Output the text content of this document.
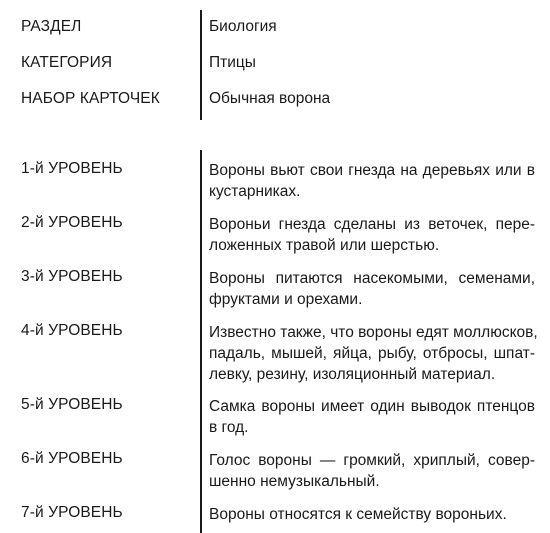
РАЗДЕЛ	Биология
КАТЕГОРИЯ	Птицы
НАБОР КАРТОЧЕК	Обычная ворона
1-й УРОВЕНЬ	Вороны вьют свои гнезда на деревьях или в
кустарниках.
2-й УРОВЕНЬ	Вороньи гнезда сделаны из веточек, пере-
ложенных травой или шерстью.
3-й УРОВЕНЬ	Вороны питаются насекомыми, семенами,
фруктами и орехами.
4-й УРОВЕНЬ	Известно также, что вороны едят моллюсков,
падаль, мышей, яйца, рыбу, отбросы, шпат-
левку, резину, изоляционный материал.
5-й УРОВЕНЬ	Самка вороны имеет один выводок птенцов
в год.
6-й УРОВЕНЬ	Голос вороны — громкий, хриплый, совер-
шенно немузыкальный.
7-й УРОВЕНЬ	Вороны относятся к семейству вороньих.
